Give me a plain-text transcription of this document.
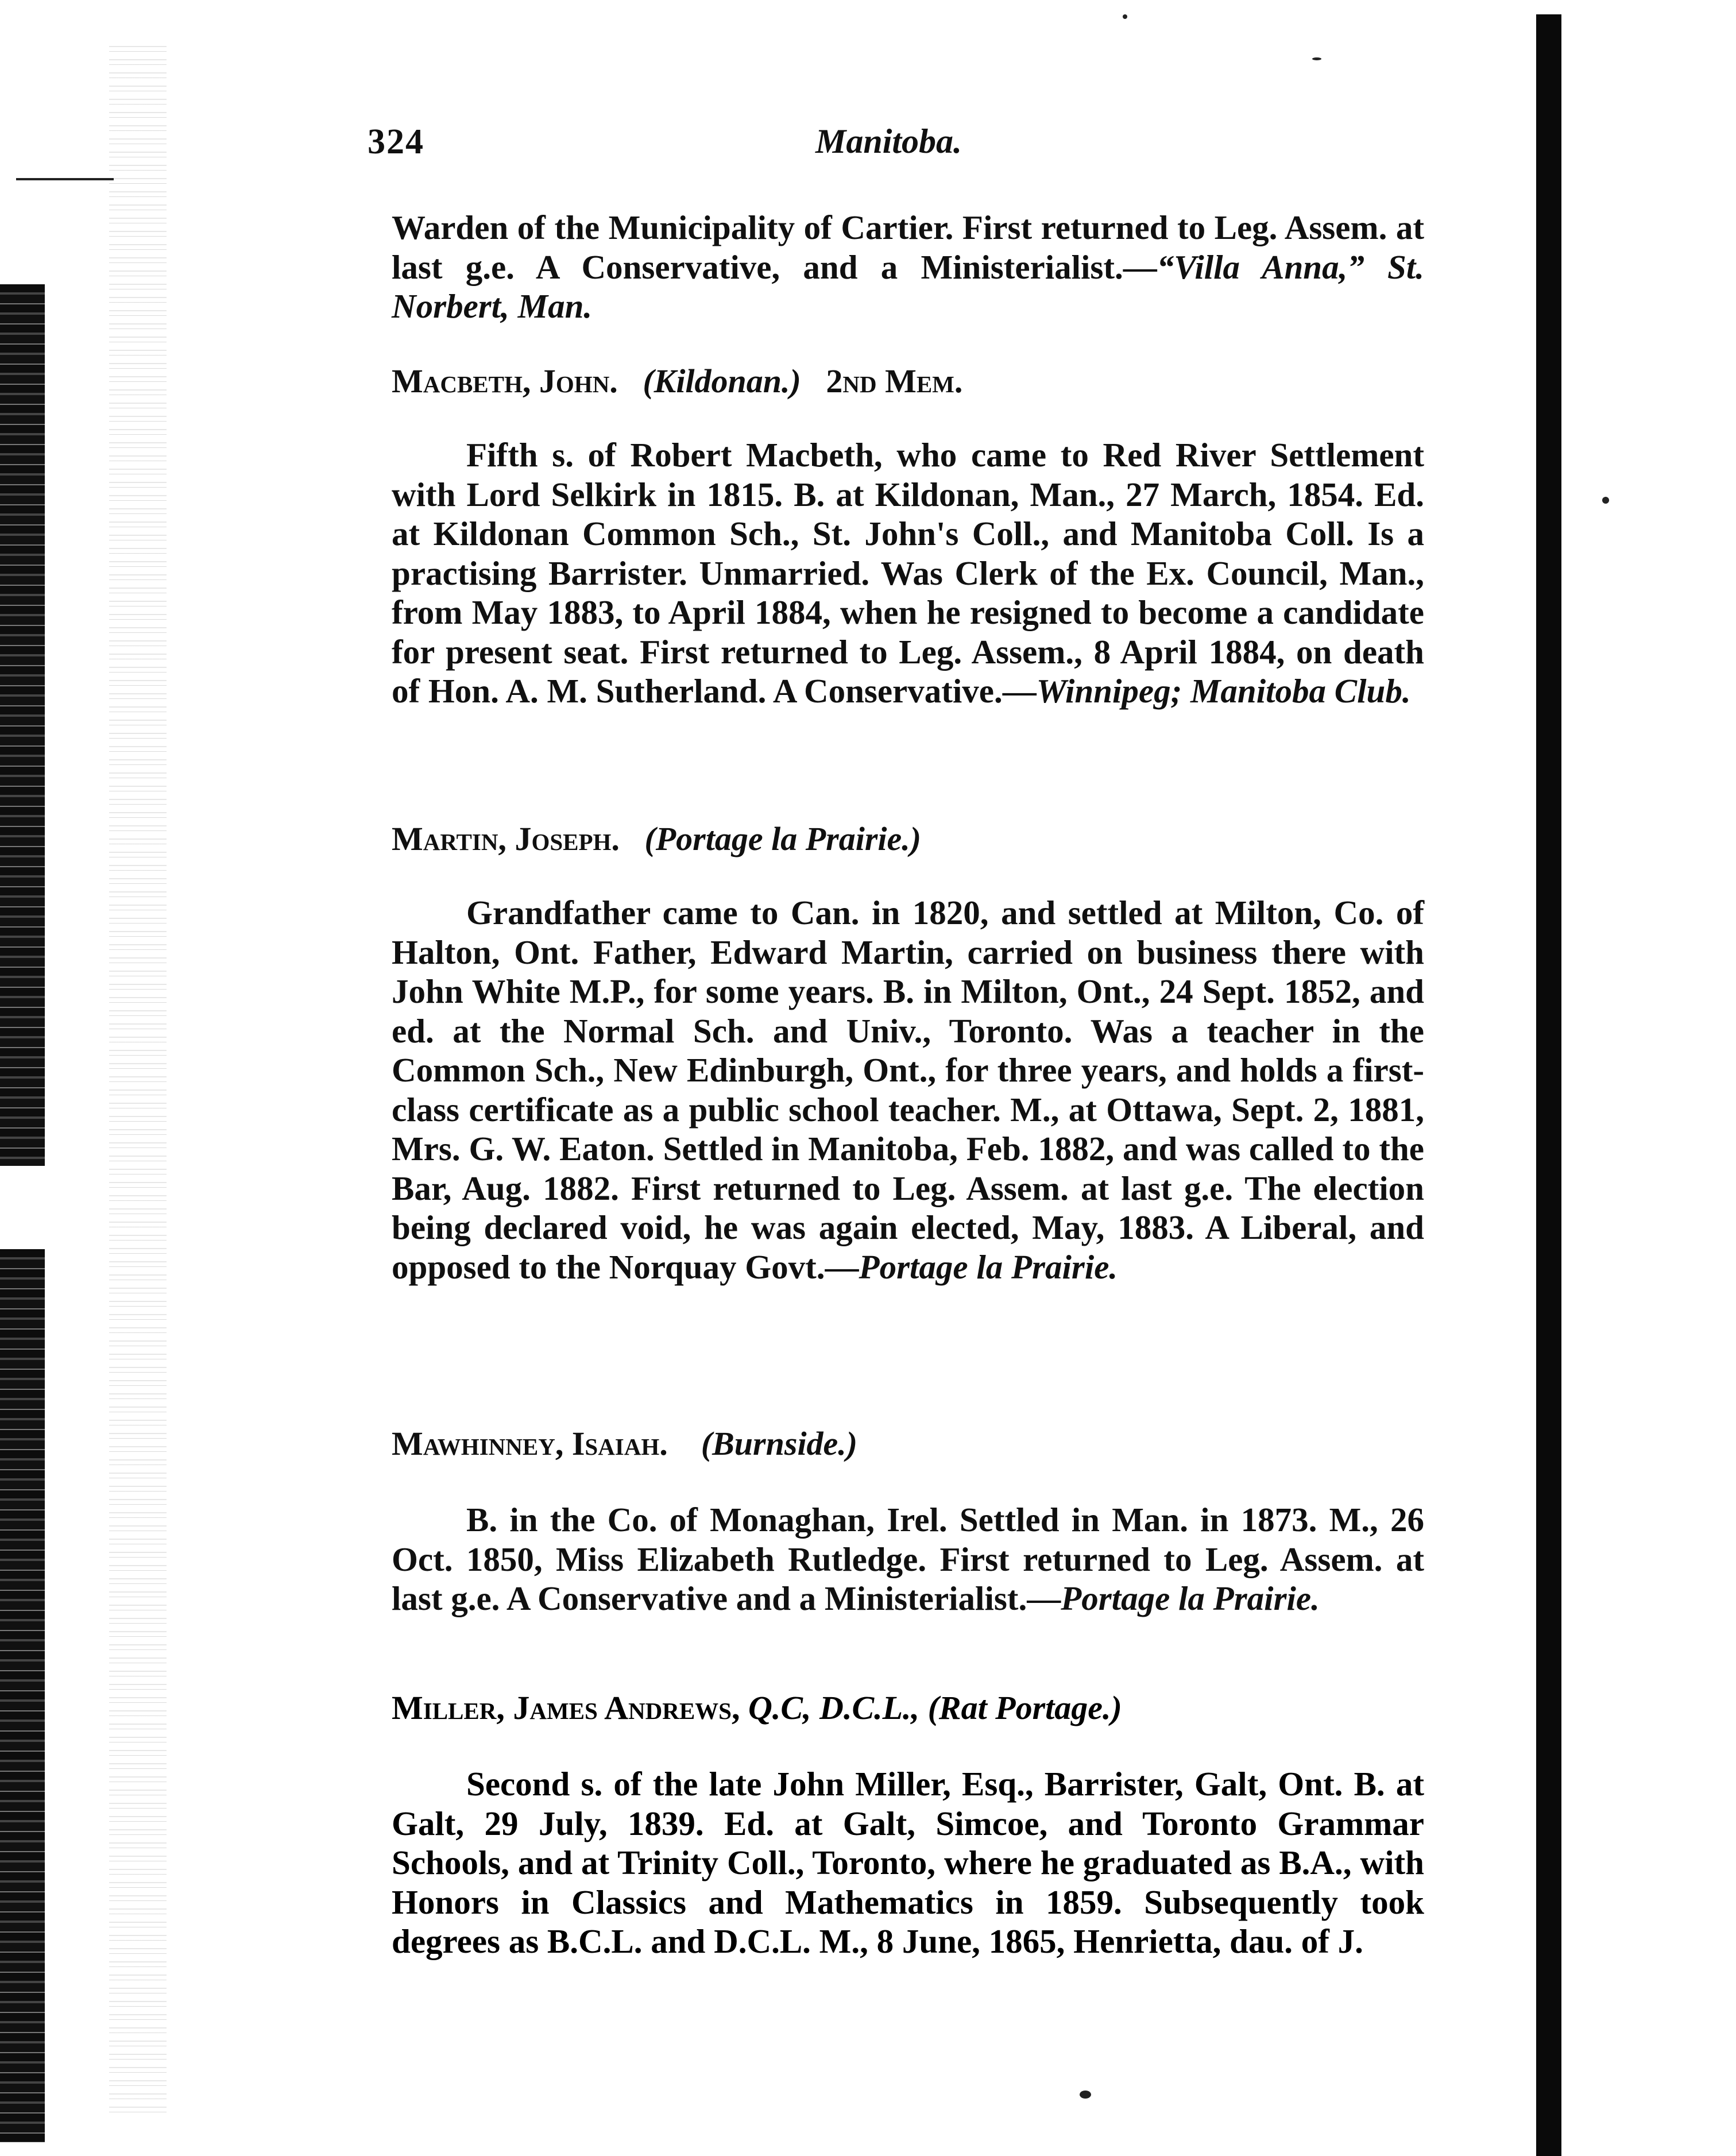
324	Manitoba.
Warden of the Municipality of Cartier. First returned to Leg. Assem. at last g.e. A Conservative, and a Ministerialist.—“Villa Anna,” St. Norbert, Man.
Macbeth, John. (Kildonan.) 2nd Mem.
Fifth s. of Robert Macbeth, who came to Red River Settlement with Lord Selkirk in 1815. B. at Kildonan, Man., 27 March, 1854. Ed. at Kildonan Common Sch., St. John's Coll., and Manitoba Coll. Is a practising Barrister. Unmarried. Was Clerk of the Ex. Council, Man., from May 1883, to April 1884, when he resigned to become a candidate for present seat. First returned to Leg. Assem., 8 April 1884, on death of Hon. A. M. Sutherland. A Conservative.—Winnipeg; Manitoba Club.
Martin, Joseph. (Portage la Prairie.)
Grandfather came to Can. in 1820, and settled at Milton, Co. of Halton, Ont. Father, Edward Martin, carried on business there with John White M.P., for some years. B. in Milton, Ont., 24 Sept. 1852, and ed. at the Normal Sch. and Univ., Toronto. Was a teacher in the Common Sch., New Edinburgh, Ont., for three years, and holds a first-class certificate as a public school teacher. M., at Ottawa, Sept. 2, 1881, Mrs. G. W. Eaton. Settled in Manitoba, Feb. 1882, and was called to the Bar, Aug. 1882. First returned to Leg. Assem. at last g.e. The election being declared void, he was again elected, May, 1883. A Liberal, and opposed to the Norquay Govt.—Portage la Prairie.
Mawhinney, Isaiah. (Burnside.)
B. in the Co. of Monaghan, Irel. Settled in Man. in 1873. M., 26 Oct. 1850, Miss Elizabeth Rutledge. First returned to Leg. Assem. at last g.e. A Conservative and a Ministerialist.—Portage la Prairie.
Miller, James Andrews, Q.C, D.C.L., (Rat Portage.)
Second s. of the late John Miller, Esq., Barrister, Galt, Ont. B. at Galt, 29 July, 1839. Ed. at Galt, Simcoe, and Toronto Grammar Schools, and at Trinity Coll., Toronto, where he graduated as B.A., with Honors in Classics and Mathematics in 1859. Subsequently took degrees as B.C.L. and D.C.L. M., 8 June, 1865, Henrietta, dau. of J.
